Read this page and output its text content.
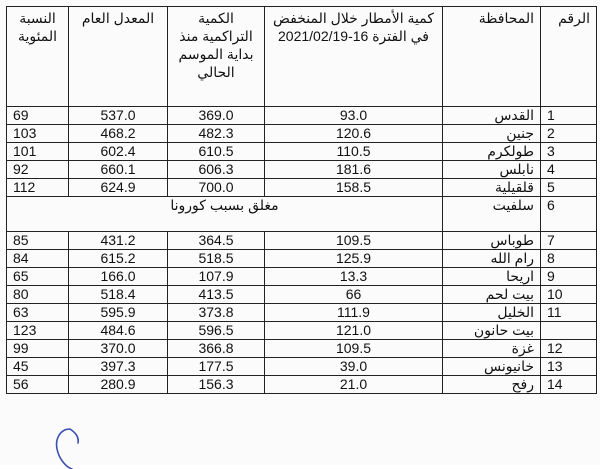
الرقم	المحافظة	كمية الأمطار خلال المنخفض في الفترة 16-2021/02/19	الكمية التراكمية منذ بداية الموسم الحالي	المعدل العام	النسبة المئوية
1	القدس	93.0	369.0	537.0	69
2	جنين	120.6	482.3	468.2	103
3	طولكرم	110.5	610.5	602.4	101
4	نابلس	181.6	606.3	660.1	92
5	قلقيلية	158.5	700.0	624.9	112
6	سلفيت	مغلق بسبب كورونا			
7	طوباس	109.5	364.5	431.2	85
8	رام الله	125.9	518.5	615.2	84
9	اريحا	13.3	107.9	166.0	65
10	بيت لحم	66	413.5	518.4	80
11	الخليل	111.9	373.8	595.9	63
	بيت حانون	121.0	596.5	484.6	123
12	غزة	109.5	366.8	370.0	99
13	خانيونس	39.0	177.5	397.3	45
14	رفح	21.0	156.3	280.9	56
